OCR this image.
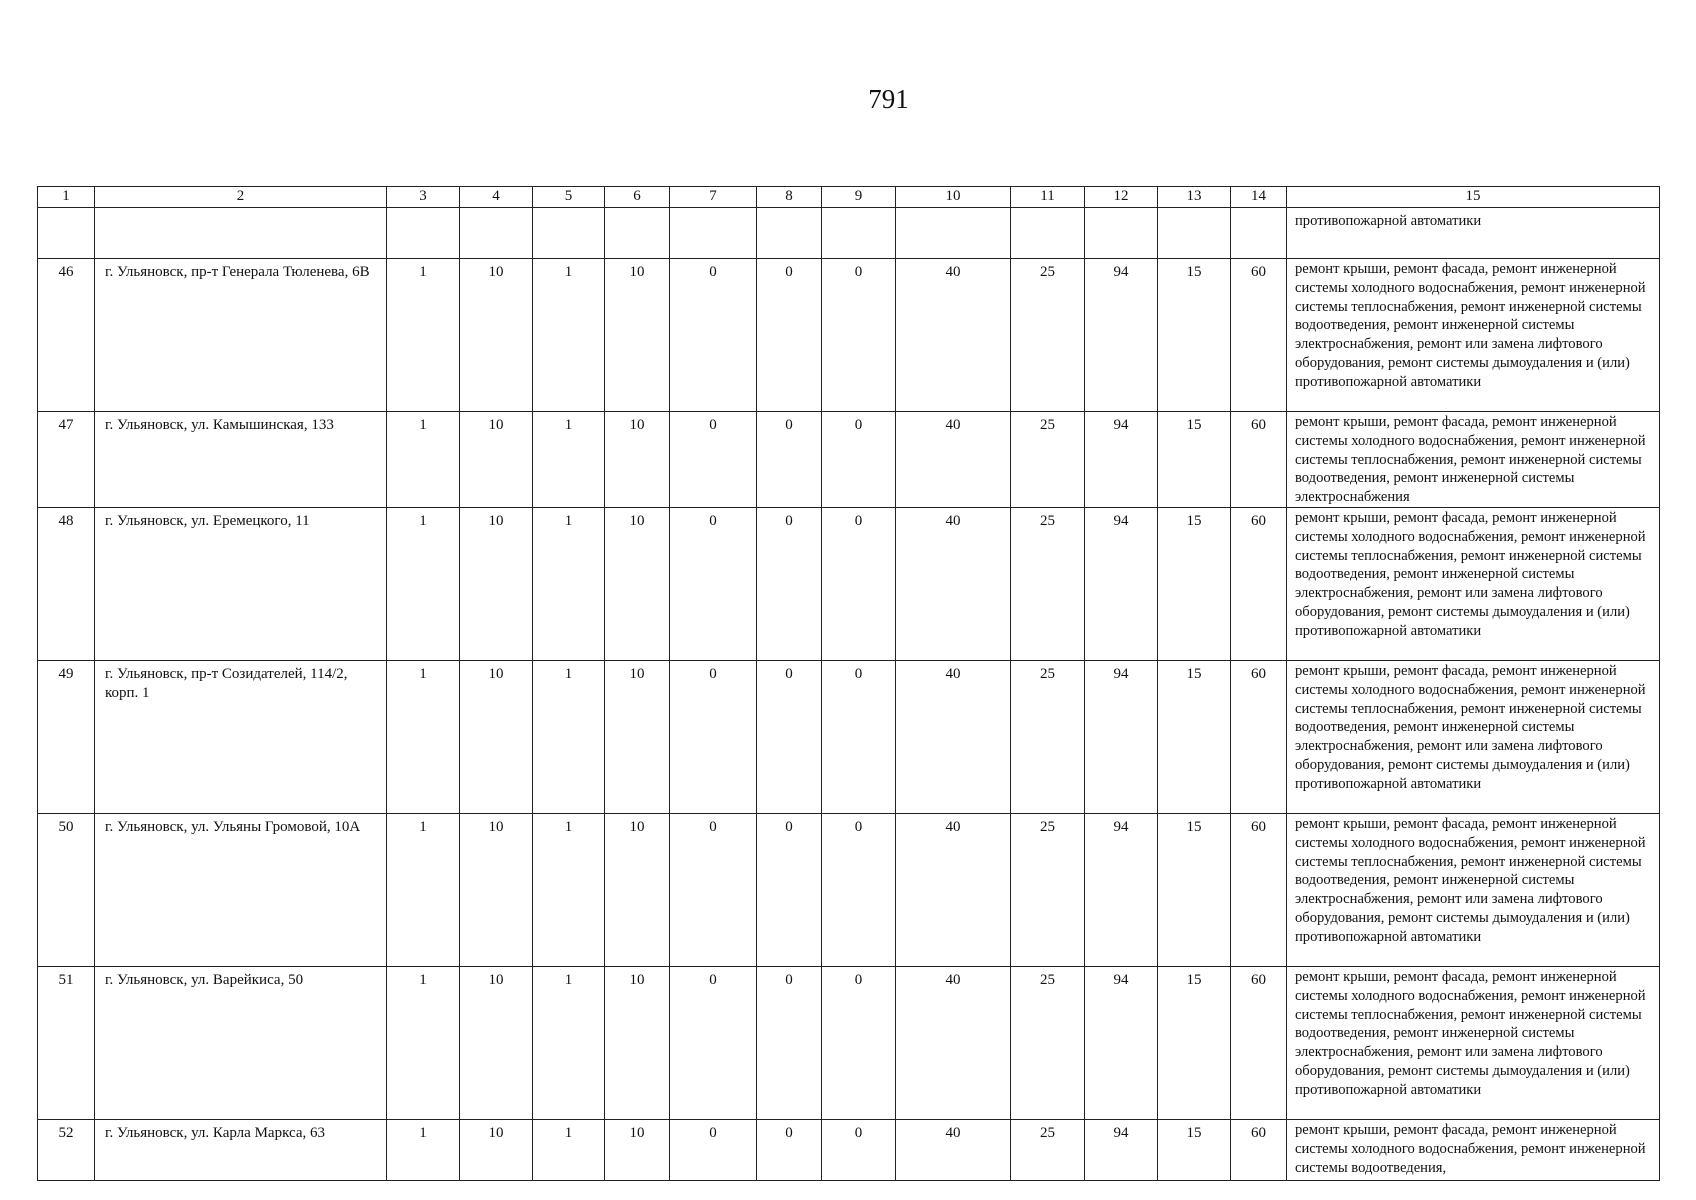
791
1	2	3	4	5	6	7	8	9	10	11	12	13	14	15
														противопожарной автоматики
46	г. Ульяновск, пр-т Генерала Тюленева, 6В	1	10	1	10	0	0	0	40	25	94	15	60	ремонт крыши, ремонт фасада, ремонт инженерной системы холодного водоснабжения, ремонт инженерной системы теплоснабжения, ремонт инженерной системы водоотведения, ремонт инженерной системы электроснабжения, ремонт или замена лифтового оборудования, ремонт системы дымоудаления и (или) противопожарной автоматики
47	г. Ульяновск, ул. Камышинская, 133	1	10	1	10	0	0	0	40	25	94	15	60	ремонт крыши, ремонт фасада, ремонт инженерной системы холодного водоснабжения, ремонт инженерной системы теплоснабжения, ремонт инженерной системы водоотведения, ремонт инженерной системы электроснабжения
48	г. Ульяновск, ул. Еремецкого, 11	1	10	1	10	0	0	0	40	25	94	15	60	ремонт крыши, ремонт фасада, ремонт инженерной системы холодного водоснабжения, ремонт инженерной системы теплоснабжения, ремонт инженерной системы водоотведения, ремонт инженерной системы электроснабжения, ремонт или замена лифтового оборудования, ремонт системы дымоудаления и (или) противопожарной автоматики
49	г. Ульяновск, пр-т Созидателей, 114/2, корп. 1	1	10	1	10	0	0	0	40	25	94	15	60	ремонт крыши, ремонт фасада, ремонт инженерной системы холодного водоснабжения, ремонт инженерной системы теплоснабжения, ремонт инженерной системы водоотведения, ремонт инженерной системы электроснабжения, ремонт или замена лифтового оборудования, ремонт системы дымоудаления и (или) противопожарной автоматики
50	г. Ульяновск, ул. Ульяны Громовой, 10А	1	10	1	10	0	0	0	40	25	94	15	60	ремонт крыши, ремонт фасада, ремонт инженерной системы холодного водоснабжения, ремонт инженерной системы теплоснабжения, ремонт инженерной системы водоотведения, ремонт инженерной системы электроснабжения, ремонт или замена лифтового оборудования, ремонт системы дымоудаления и (или) противопожарной автоматики
51	г. Ульяновск, ул. Варейкиса, 50	1	10	1	10	0	0	0	40	25	94	15	60	ремонт крыши, ремонт фасада, ремонт инженерной системы холодного водоснабжения, ремонт инженерной системы теплоснабжения, ремонт инженерной системы водоотведения, ремонт инженерной системы электроснабжения, ремонт или замена лифтового оборудования, ремонт системы дымоудаления и (или) противопожарной автоматики
52	г. Ульяновск, ул. Карла Маркса, 63	1	10	1	10	0	0	0	40	25	94	15	60	ремонт крыши, ремонт фасада, ремонт инженерной системы холодного водоснабжения, ремонт инженерной системы водоотведения,
